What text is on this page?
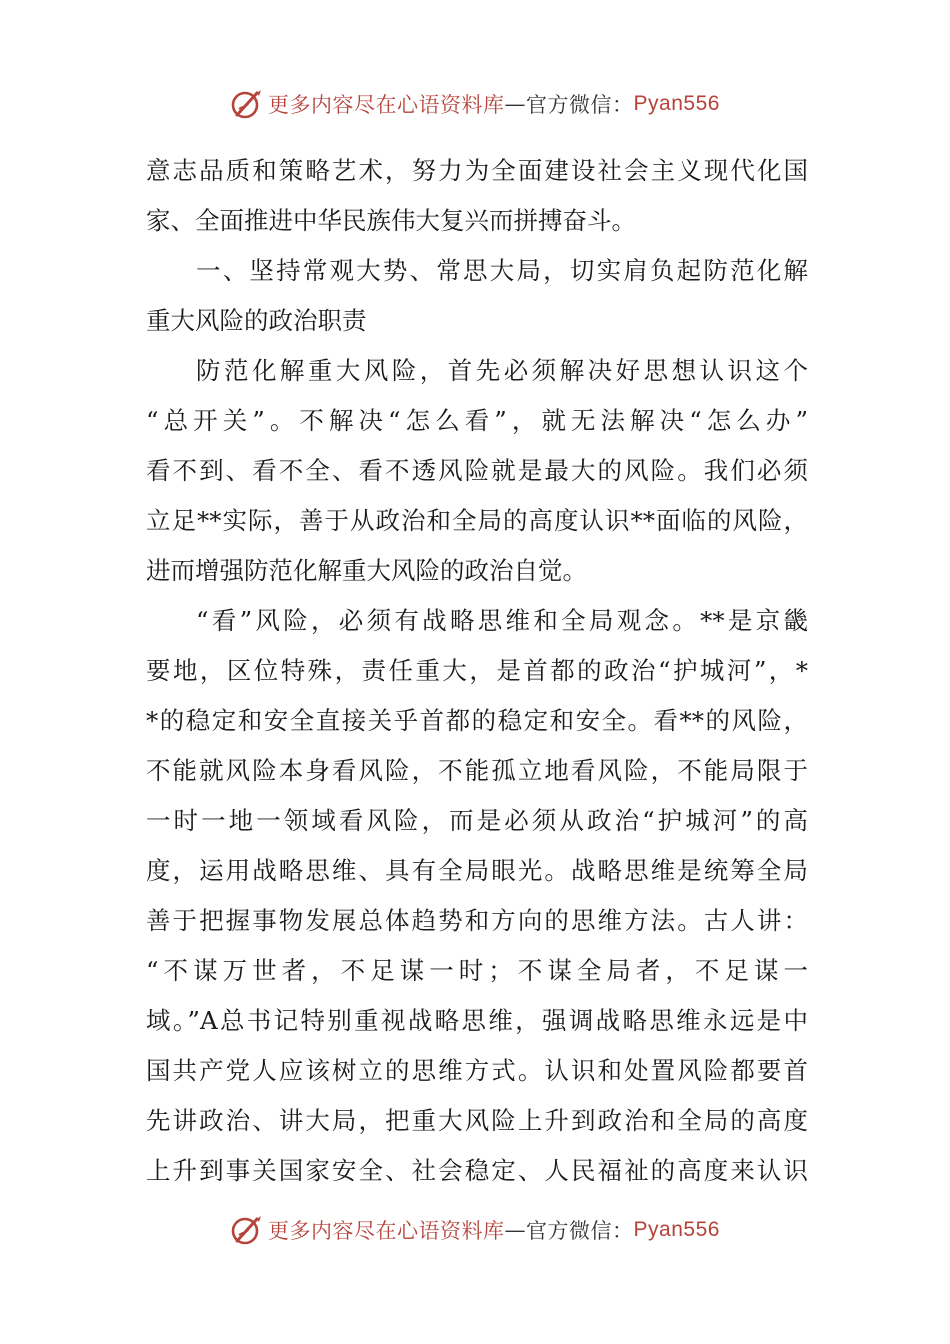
更多内容尽在心语资料库 — 官方微信： Pyan556
意志品质和策略艺术，努力为全面建设社会主义现代化国
家、全面推进中华民族伟大复兴而拼搏奋斗。
一、坚持常观大势、常思大局，切实肩负起防范化解
重大风险的政治职责
防范化解重大风险，首先必须解决好思想认识这个
“总开关”。不解决“怎么看”，就无法解决“怎么办”
看不到、看不全、看不透风险就是最大的风险。我们必须
立足**实际，善于从政治和全局的高度认识**面临的风险，
进而增强防范化解重大风险的政治自觉。
“看”风险，必须有战略思维和全局观念。**是京畿
要地，区位特殊，责任重大，是首都的政治“护城河”，*
*的稳定和安全直接关乎首都的稳定和安全。看**的风险，
不能就风险本身看风险，不能孤立地看风险，不能局限于
一时一地一领域看风险，而是必须从政治“护城河”的高
度，运用战略思维、具有全局眼光。战略思维是统筹全局
善于把握事物发展总体趋势和方向的思维方法。古人讲：
“不谋万世者，不足谋一时；不谋全局者，不足谋一
域。”A总书记特别重视战略思维，强调战略思维永远是中
国共产党人应该树立的思维方式。认识和处置风险都要首
先讲政治、讲大局，把重大风险上升到政治和全局的高度
上升到事关国家安全、社会稳定、人民福祉的高度来认识
更多内容尽在心语资料库 — 官方微信： Pyan556
